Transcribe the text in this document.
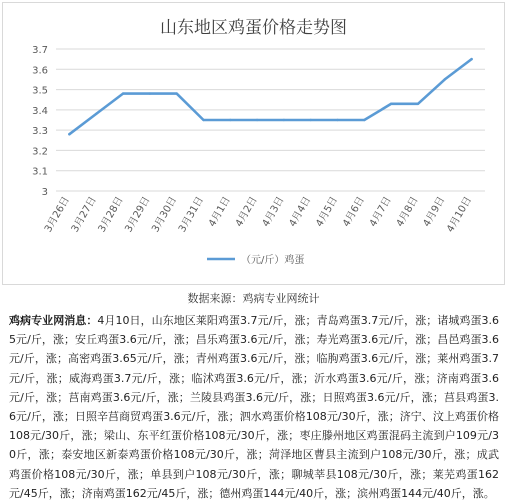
山东地区鸡蛋价格走势图
3
3.1
3.2
3.3
3.4
3.5
3.6
3.7
3月26日
3月27日
3月28日
3月29日
3月30日
3月31日 4月1日 4月2日 4月3日 4月4日 4月5日 4月6日 4月7日 4月8日 4月9日
4月10日
（元/斤）鸡蛋
数据来源：鸡病专业网统计
鸡病专业网消息：4月10日，山东地区莱阳鸡蛋3.7元/斤，涨；青岛鸡蛋3.7元/斤，涨；诸城鸡蛋3.65元/斤，涨；安丘鸡蛋3.6元/斤，涨；昌乐鸡蛋3.6元/斤，涨；寿光鸡蛋3.6元/斤，涨；昌邑鸡蛋3.6元/斤，涨；高密鸡蛋3.65元/斤，涨；青州鸡蛋3.6元/斤，涨；临朐鸡蛋3.6元/斤，涨；莱州鸡蛋3.7元/斤，涨；威海鸡蛋3.7元/斤，涨；临沭鸡蛋3.6元/斤，涨；沂水鸡蛋3.6元/斤，涨；济南鸡蛋3.6元/斤，涨；莒南鸡蛋3.6元/斤，涨；兰陵县鸡蛋3.6元/斤，涨；日照鸡蛋3.6元/斤，涨；莒县鸡蛋3.6元/斤，涨；日照辛莒商贸鸡蛋3.6元/斤，涨；泗水鸡蛋价格108元/30斤，涨；济宁、汶上鸡蛋价格108元/30斤，涨；梁山、东平红蛋价格108元/30斤，涨；枣庄滕州地区鸡蛋混码主流到户109元/30斤，涨；泰安地区新泰鸡蛋价格108元/30斤，涨；菏泽地区曹县主流到户108元/30斤，涨；成武鸡蛋价格108元/30斤，涨；单县到户108元/30斤，涨；聊城莘县108元/30斤，涨；莱芜鸡蛋162元/45斤，涨；济南鸡蛋162元/45斤，涨；德州鸡蛋144元/40斤，涨；滨州鸡蛋144元/40斤，涨。
